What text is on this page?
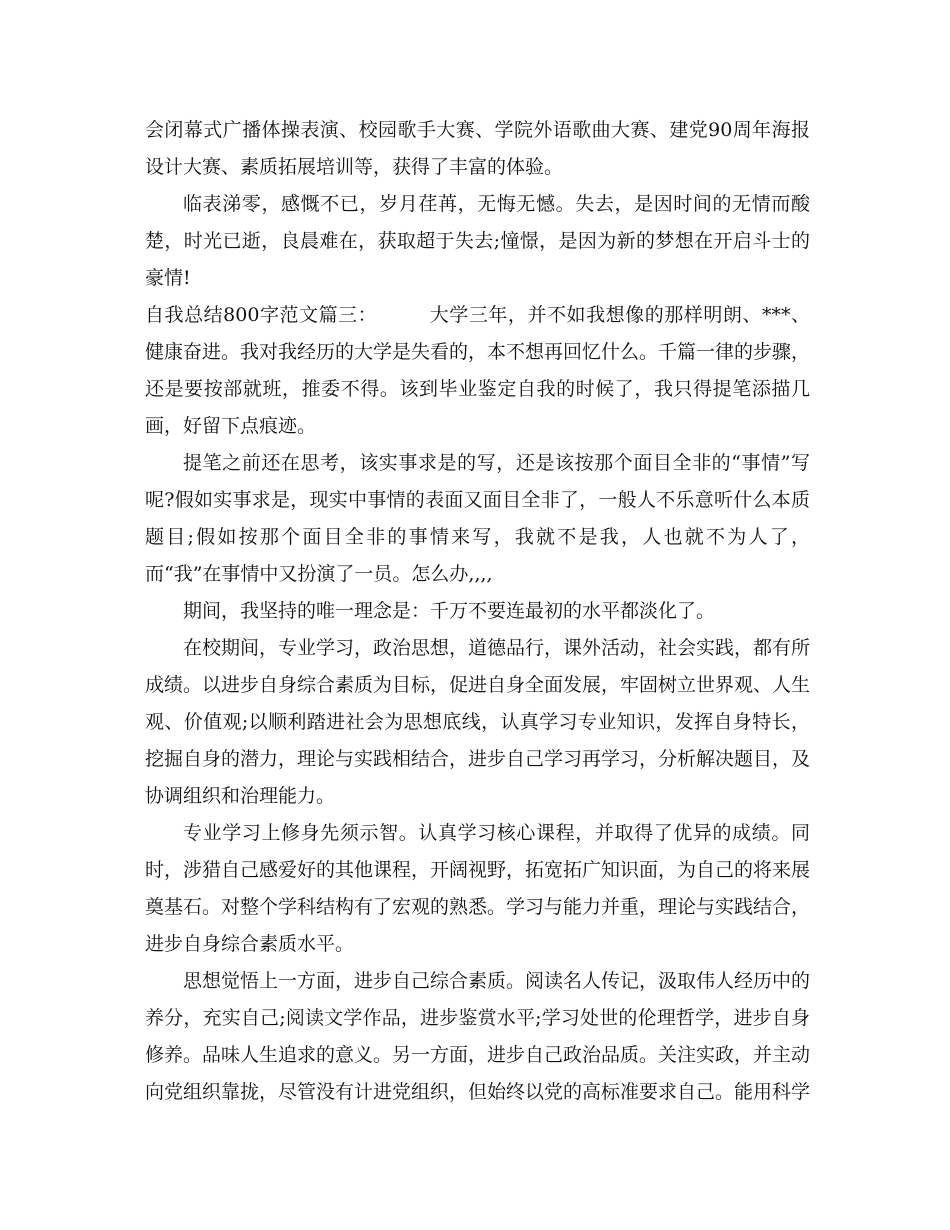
会闭幕式广播体操表演、校园歌手大赛、学院外语歌曲大赛、建党90周年海报设计大赛、素质拓展培训等，获得了丰富的体验。

临表涕零，感慨不已，岁月荏苒，无悔无憾。失去，是因时间的无情而酸楚，时光已逝，良晨难在，获取超于失去;憧憬，是因为新的梦想在开启斗士的豪情!

自我总结800字范文篇三：	大学三年，并不如我想像的那样明朗、***、健康奋进。我对我经历的大学是失看的，本不想再回忆什么。千篇一律的步骤，还是要按部就班，推委不得。该到毕业鉴定自我的时候了，我只得提笔添描几画，好留下点痕迹。

提笔之前还在思考，该实事求是的写，还是该按那个面目全非的“事情”写呢?假如实事求是，现实中事情的表面又面目全非了，一般人不乐意听什么本质题目;假如按那个面目全非的事情来写，我就不是我，人也就不为人了，而“我”在事情中又扮演了一员。怎么办,,,,

期间，我坚持的唯一理念是：千万不要连最初的水平都淡化了。

在校期间，专业学习，政治思想，道德品行，课外活动，社会实践，都有所成绩。以进步自身综合素质为目标，促进自身全面发展，牢固树立世界观、人生观、价值观;以顺利踏进社会为思想底线，认真学习专业知识，发挥自身特长，挖掘自身的潜力，理论与实践相结合，进步自己学习再学习，分析解决题目，及协调组织和治理能力。

专业学习上修身先须示智。认真学习核心课程，并取得了优异的成绩。同时，涉猎自己感爱好的其他课程，开阔视野，拓宽拓广知识面，为自己的将来展奠基石。对整个学科结构有了宏观的熟悉。学习与能力并重，理论与实践结合，进步自身综合素质水平。

思想觉悟上一方面，进步自己综合素质。阅读名人传记，汲取伟人经历中的养分，充实自己;阅读文学作品，进步鉴赏水平;学习处世的伦理哲学，进步自身修养。品味人生追求的意义。另一方面，进步自己政治品质。关注实政，并主动向党组织靠拢，尽管没有计进党组织，但始终以党的高标准要求自己。能用科学
